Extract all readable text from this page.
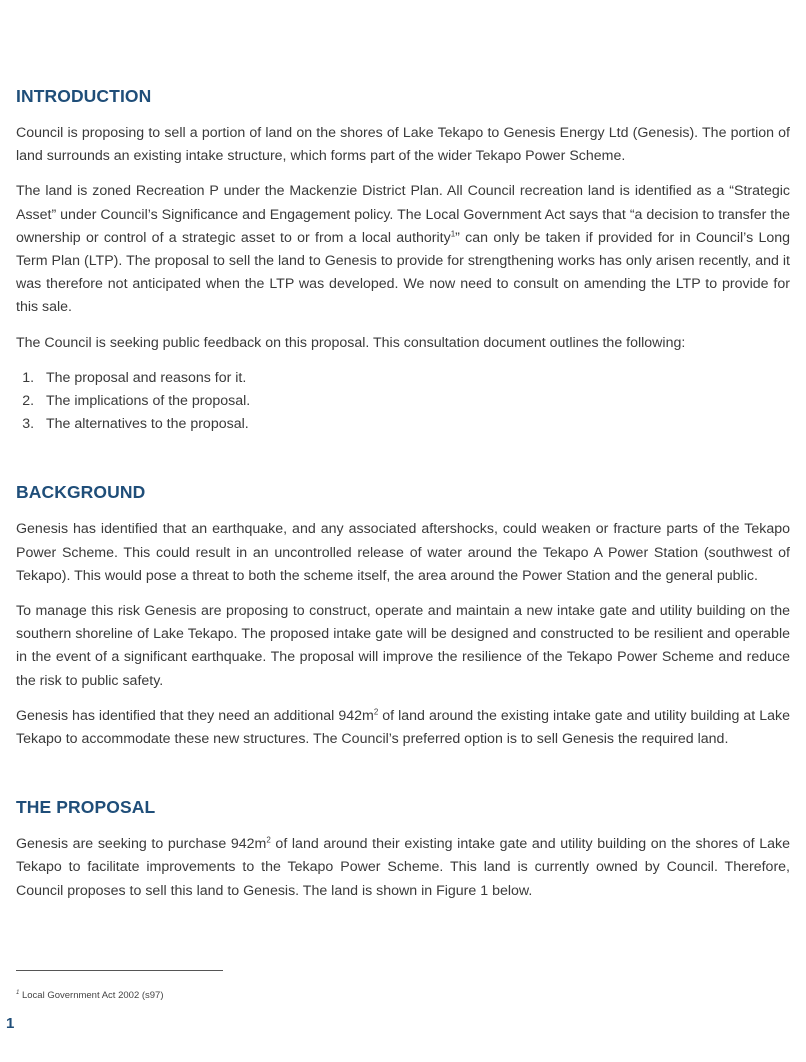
INTRODUCTION

Council is proposing to sell a portion of land on the shores of Lake Tekapo to Genesis Energy Ltd (Genesis). The portion of land surrounds an existing intake structure, which forms part of the wider Tekapo Power Scheme.

The land is zoned Recreation P under the Mackenzie District Plan. All Council recreation land is identified as a “Strategic Asset” under Council’s Significance and Engagement policy. The Local Government Act says that “a decision to transfer the ownership or control of a strategic asset to or from a local authority$^1$” can only be taken if provided for in Council’s Long Term Plan (LTP). The proposal to sell the land to Genesis to provide for strengthening works has only arisen recently, and it was therefore not anticipated when the LTP was developed. We now need to consult on amending the LTP to provide for this sale.

The Council is seeking public feedback on this proposal. This consultation document outlines the following:

1. The proposal and reasons for it.
2. The implications of the proposal.
3. The alternatives to the proposal.
BACKGROUND

Genesis has identified that an earthquake, and any associated aftershocks, could weaken or fracture parts of the Tekapo Power Scheme. This could result in an uncontrolled release of water around the Tekapo A Power Station (southwest of Tekapo). This would pose a threat to both the scheme itself, the area around the Power Station and the general public.

To manage this risk Genesis are proposing to construct, operate and maintain a new intake gate and utility building on the southern shoreline of Lake Tekapo. The proposed intake gate will be designed and constructed to be resilient and operable in the event of a significant earthquake. The proposal will improve the resilience of the Tekapo Power Scheme and reduce the risk to public safety.

Genesis has identified that they need an additional $942m^2$ of land around the existing intake gate and utility building at Lake Tekapo to accommodate these new structures. The Council’s preferred option is to sell Genesis the required land.

THE PROPOSAL

Genesis are seeking to purchase $942m^2$ of land around their existing intake gate and utility building on the shores of Lake Tekapo to facilitate improvements to the Tekapo Power Scheme. This land is currently owned by Council. Therefore, Council proposes to sell this land to Genesis. The land is shown in Figure 1 below.

$^1$ Local Government Act 2002 (s97)
1
